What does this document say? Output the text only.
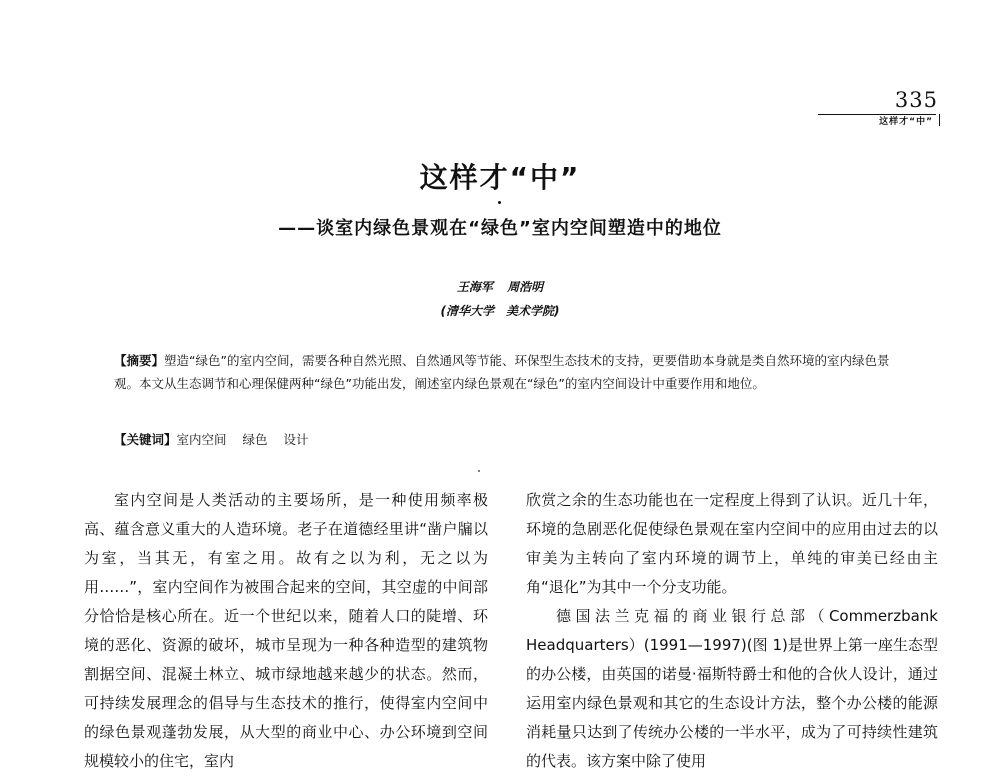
335
这样才“中”
这样才“中”
——谈室内绿色景观在“绿色”室内空间塑造中的地位
王海军 周浩明
(清华大学　美术学院)

【摘要】塑造“绿色”的室内空间，需要各种自然光照、自然通风等节能、环保型生态技术的支持，更要借助本身就是类自然环境的室内绿色景观。本文从生态调节和心理保健两种“绿色”功能出发，阐述室内绿色景观在“绿色”的室内空间设计中重要作用和地位。

【关键词】室内空间 绿色 设计

室内空间是人类活动的主要场所，是一种使用频率极高、蕴含意义重大的人造环境。老子在道德经里讲“凿户牖以为室，当其无，有室之用。故有之以为利，无之以为用……”，室内空间作为被围合起来的空间，其空虚的中间部分恰恰是核心所在。近一个世纪以来，随着人口的陡增、环境的恶化、资源的破坏，城市呈现为一种各种造型的建筑物割据空间、混凝土林立、城市绿地越来越少的状态。然而，可持续发展理念的倡导与生态技术的推行，使得室内空间中的绿色景观蓬勃发展，从大型的商业中心、办公环境到空间规模较小的住宅，室内

欣赏之余的生态功能也在一定程度上得到了认识。近几十年，环境的急剧恶化促使绿色景观在室内空间中的应用由过去的以审美为主转向了室内环境的调节上，单纯的审美已经由主角“退化”为其中一个分支功能。

德国法兰克福的商业银行总部（Commerzbank Headquarters）(1991—1997)(图 1)是世界上第一座生态型的办公楼，由英国的诺曼·福斯特爵士和他的合伙人设计，通过运用室内绿色景观和其它的生态设计方法，整个办公楼的能源消耗量只达到了传统办公楼的一半水平，成为了可持续性建筑的代表。该方案中除了使用
